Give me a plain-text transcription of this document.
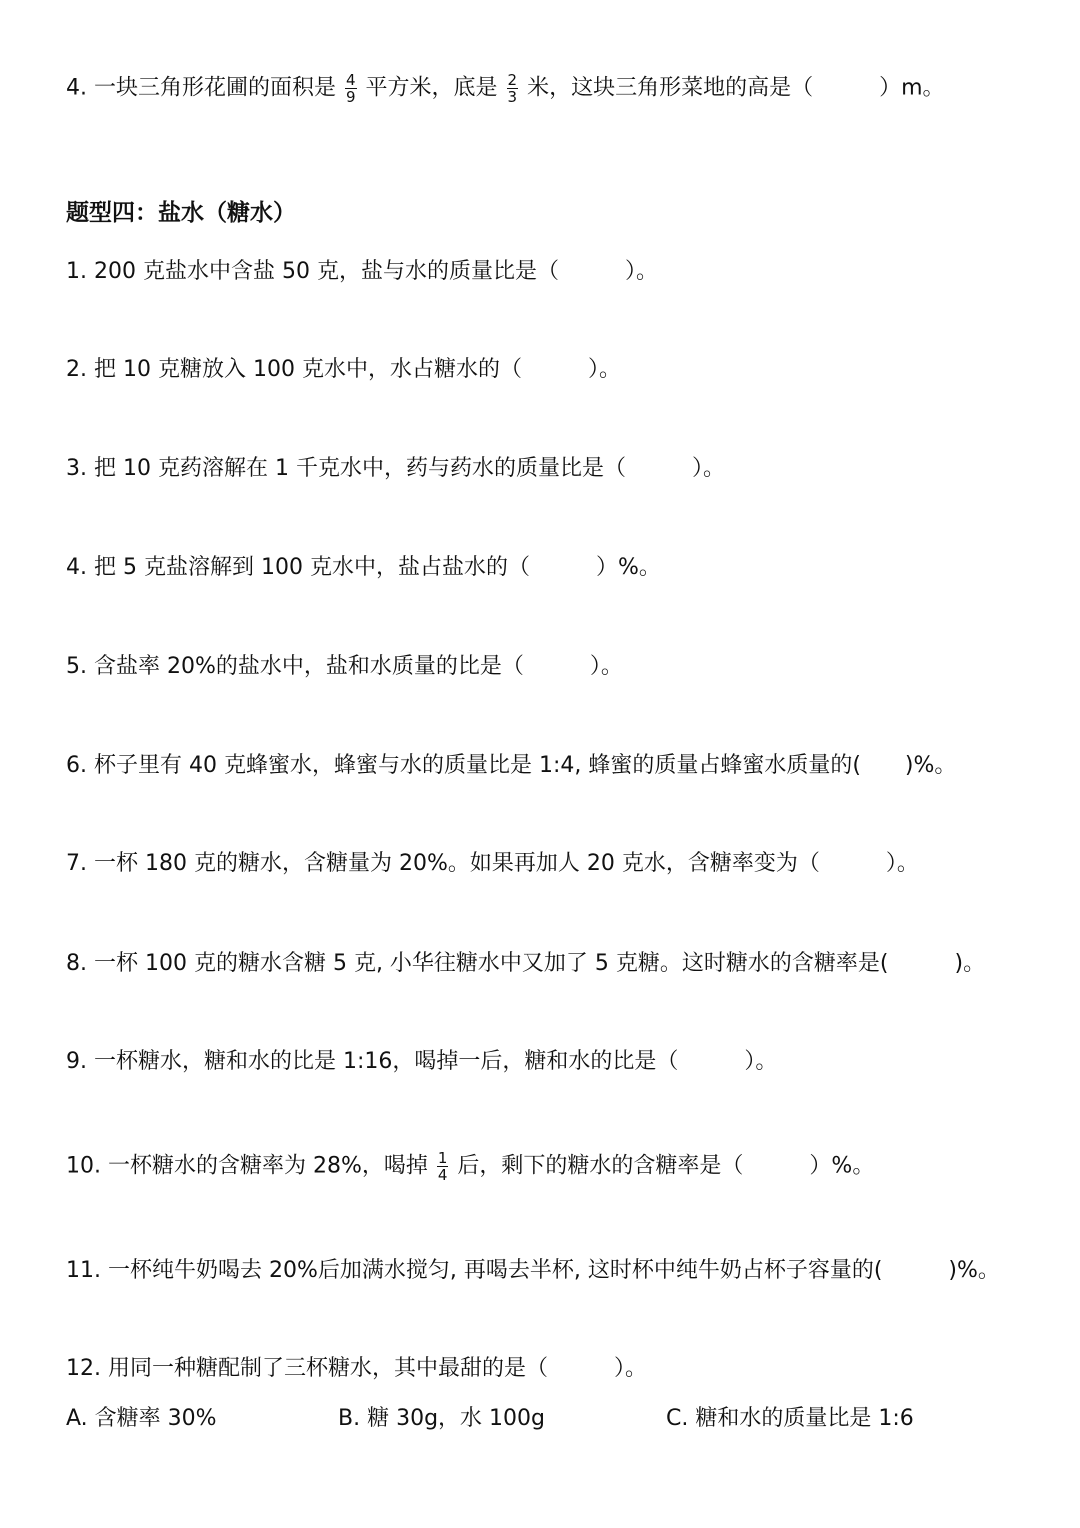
4. 一块三角形花圃的面积是 $\frac{4}{9}$ 平方米，底是 $\frac{2}{3}$ 米，这块三角形菜地的高是（　　　）m。
题型四：盐水（糖水）
1. 200 克盐水中含盐 50 克，盐与水的质量比是（　　　）。
2. 把 10 克糖放入 100 克水中，水占糖水的（　　　）。
3. 把 10 克药溶解在 1 千克水中，药与药水的质量比是（　　　）。
4. 把 5 克盐溶解到 100 克水中，盐占盐水的（　　　）%。
5. 含盐率 20%的盐水中，盐和水质量的比是（　　　）。
6. 杯子里有 40 克蜂蜜水，蜂蜜与水的质量比是 1:4, 蜂蜜的质量占蜂蜜水质量的(　　)%。
7. 一杯 180 克的糖水，含糖量为 20%。如果再加人 20 克水，含糖率变为（　　　）。
8. 一杯 100 克的糖水含糖 5 克, 小华往糖水中又加了 5 克糖。这时糖水的含糖率是(　　　)。
9. 一杯糖水，糖和水的比是 1:16，喝掉一后，糖和水的比是（　　　）。
10. 一杯糖水的含糖率为 28%，喝掉 $\frac{1}{4}$ 后，剩下的糖水的含糖率是（　　　）%。
11. 一杯纯牛奶喝去 20%后加满水搅匀, 再喝去半杯, 这时杯中纯牛奶占杯子容量的(　　　)%。
12. 用同一种糖配制了三杯糖水，其中最甜的是（　　　）。
A. 含糖率 30%	B. 糖 30g，水 100g	C. 糖和水的质量比是 1:6
